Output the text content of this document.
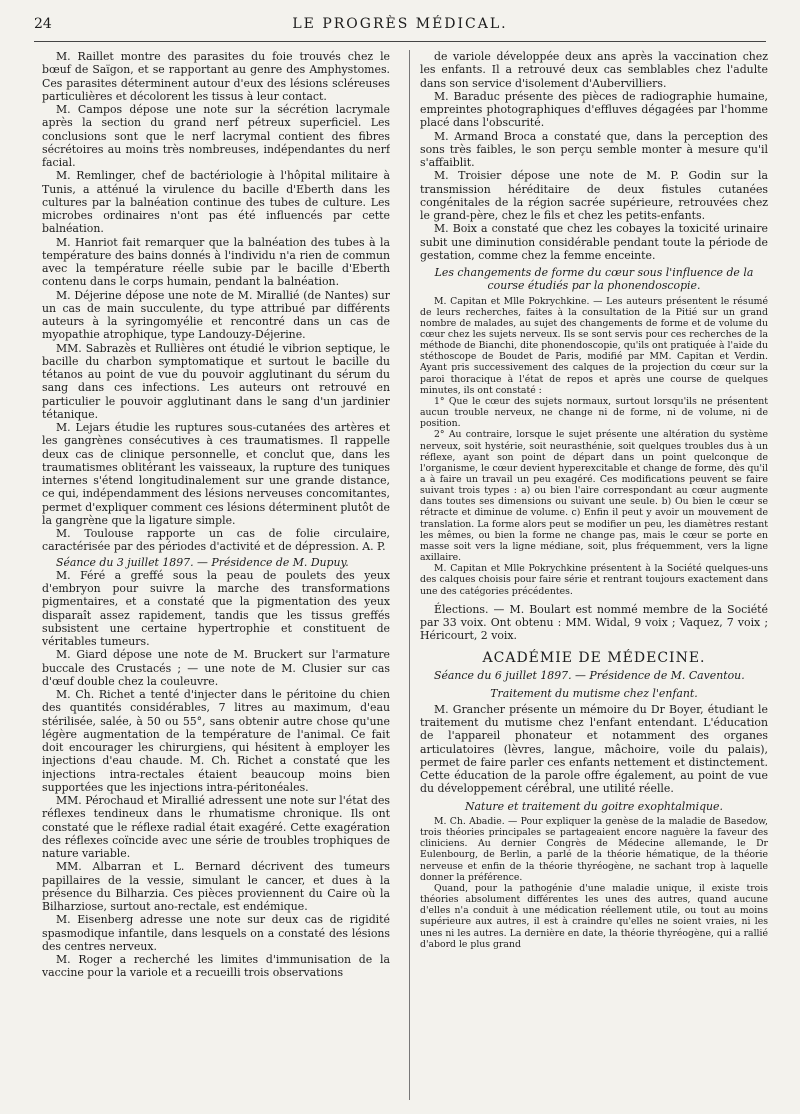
24	LE PROGRÈS MÉDICAL.

M. Raillet montre des parasites du foie trouvés chez le bœuf de Saïgon, et se rapportant au genre des Amphystomes. Ces parasites déterminent autour d'eux des lésions scléreuses particulières et décolorent les tissus à leur contact.

M. Campos dépose une note sur la sécrétion lacrymale après la section du grand nerf pétreux superficiel. Les conclusions sont que le nerf lacrymal contient des fibres sécrétoires au moins très nombreuses, indépendantes du nerf facial.

M. Remlinger, chef de bactériologie à l'hôpital militaire à Tunis, a atténué la virulence du bacille d'Eberth dans les cultures par la balnéation continue des tubes de culture. Les microbes ordinaires n'ont pas été influencés par cette balnéation.

M. Hanriot fait remarquer que la balnéation des tubes à la température des bains donnés à l'individu n'a rien de commun avec la température réelle subie par le bacille d'Eberth contenu dans le corps humain, pendant la balnéation.

M. Déjerine dépose une note de M. Mirallié (de Nantes) sur un cas de main succulente, du type attribué par différents auteurs à la syringomyélie et rencontré dans un cas de myopathie atrophique, type Landouzy-Déjerine.

MM. Sabrazès et Rullières ont étudié le vibrion septique, le bacille du charbon symptomatique et surtout le bacille du tétanos au point de vue du pouvoir agglutinant du sérum du sang dans ces infections. Les auteurs ont retrouvé en particulier le pouvoir agglutinant dans le sang d'un jardinier tétanique.

M. Lejars étudie les ruptures sous-cutanées des artères et les gangrènes consécutives à ces traumatismes. Il rappelle deux cas de clinique personnelle, et conclut que, dans les traumatismes oblitérant les vaisseaux, la rupture des tuniques internes s'étend longitudinalement sur une grande distance, ce qui, indépendamment des lésions nerveuses concomitantes, permet d'expliquer comment ces lésions déterminent plutôt de la gangrène que la ligature simple.

M. Toulouse rapporte un cas de folie circulaire, caractérisée par des périodes d'activité et de dépression. A. P.

Séance du 3 juillet 1897. — Présidence de M. Dupuy.

M. Féré a greffé sous la peau de poulets des yeux d'embryon pour suivre la marche des transformations pigmentaires, et a constaté que la pigmentation des yeux disparaît assez rapidement, tandis que les tissus greffés subsistent une certaine hypertrophie et constituent de véritables tumeurs.

M. Giard dépose une note de M. Bruckert sur l'armature buccale des Crustacés ; — une note de M. Clusier sur cas d'œuf double chez la couleuvre.

M. Ch. Richet a tenté d'injecter dans le péritoine du chien des quantités considérables, 7 litres au maximum, d'eau stérilisée, salée, à 50 ou 55°, sans obtenir autre chose qu'une légère augmentation de la température de l'animal. Ce fait doit encourager les chirurgiens, qui hésitent à employer les injections d'eau chaude. M. Ch. Richet a constaté que les injections intra-rectales étaient beaucoup moins bien supportées que les injections intra-péritonéales.

MM. Pérochaud et Mirallié adressent une note sur l'état des réflexes tendineux dans le rhumatisme chronique. Ils ont constaté que le réflexe radial était exagéré. Cette exagération des réflexes coïncide avec une série de troubles trophiques de nature variable.

MM. Albarran et L. Bernard décrivent des tumeurs papillaires de la vessie, simulant le cancer, et dues à la présence du Bilharzia. Ces pièces proviennent du Caire où la Bilharziose, surtout ano-rectale, est endémique.

M. Eisenberg adresse une note sur deux cas de rigidité spasmodique infantile, dans lesquels on a constaté des lésions des centres nerveux.

M. Roger a recherché les limites d'immunisation de la vaccine pour la variole et a recueilli trois observations

de variole développée deux ans après la vaccination chez les enfants. Il a retrouvé deux cas semblables chez l'adulte dans son service d'isolement d'Aubervilliers.

M. Baraduc présente des pièces de radiographie humaine, empreintes photographiques d'effluves dégagées par l'homme placé dans l'obscurité.

M. Armand Broca a constaté que, dans la perception des sons très faibles, le son perçu semble monter à mesure qu'il s'affaiblit.

M. Troisier dépose une note de M. P. Godin sur la transmission héréditaire de deux fistules cutanées congénitales de la région sacrée supérieure, retrouvées chez le grand-père, chez le fils et chez les petits-enfants.

M. Boix a constaté que chez les cobayes la toxicité urinaire subit une diminution considérable pendant toute la période de gestation, comme chez la femme enceinte.

Les changements de forme du cœur sous l'influence de la course étudiés par la phonendoscopie.

M. Capitan et Mlle Pokrychkine. — Les auteurs présentent le résumé de leurs recherches, faites à la consultation de la Pitié sur un grand nombre de malades, au sujet des changements de forme et de volume du cœur chez les sujets nerveux. Ils se sont servis pour ces recherches de la méthode de Bianchi, dite phonendoscopie, qu'ils ont pratiquée à l'aide du stéthoscope de Boudet de Paris, modifié par MM. Capitan et Verdin. Ayant pris successivement des calques de la projection du cœur sur la paroi thoracique à l'état de repos et après une course de quelques minutes, ils ont constaté :

1° Que le cœur des sujets normaux, surtout lorsqu'ils ne présentent aucun trouble nerveux, ne change ni de forme, ni de volume, ni de position.

2° Au contraire, lorsque le sujet présente une altération du système nerveux, soit hystérie, soit neurasthénie, soit quelques troubles dus à un réflexe, ayant son point de départ dans un point quelconque de l'organisme, le cœur devient hyperexcitable et change de forme, dès qu'il a à faire un travail un peu exagéré. Ces modifications peuvent se faire suivant trois types : a) ou bien l'aire correspondant au cœur augmente dans toutes ses dimensions ou suivant une seule. b) Ou bien le cœur se rétracte et diminue de volume. c) Enfin il peut y avoir un mouvement de translation. La forme alors peut se modifier un peu, les diamètres restant les mêmes, ou bien la forme ne change pas, mais le cœur se porte en masse soit vers la ligne médiane, soit, plus fréquemment, vers la ligne axillaire.

M. Capitan et Mlle Pokrychkine présentent à la Société quelques-uns des calques choisis pour faire série et rentrant toujours exactement dans une des catégories précédentes.

Élections. — M. Boulart est nommé membre de la Société par 33 voix. Ont obtenu : MM. Widal, 9 voix ; Vaquez, 7 voix ; Héricourt, 2 voix.

ACADÉMIE DE MÉDECINE.

Séance du 6 juillet 1897. — Présidence de M. Caventou.

Traitement du mutisme chez l'enfant.

M. Grancher présente un mémoire du Dr Boyer, étudiant le traitement du mutisme chez l'enfant entendant. L'éducation de l'appareil phonateur et notamment des organes articulatoires (lèvres, langue, mâchoire, voile du palais), permet de faire parler ces enfants nettement et distinctement. Cette éducation de la parole offre également, au point de vue du développement cérébral, une utilité réelle.

Nature et traitement du goitre exophtalmique.

M. Ch. Abadie. — Pour expliquer la genèse de la maladie de Basedow, trois théories principales se partageaient encore naguère la faveur des cliniciens. Au dernier Congrès de Médecine allemande, le Dr Eulenbourg, de Berlin, a parlé de la théorie hématique, de la théorie nerveuse et enfin de la théorie thyréogène, ne sachant trop à laquelle donner la préférence.

Quand, pour la pathogénie d'une maladie unique, il existe trois théories absolument différentes les unes des autres, quand aucune d'elles n'a conduit à une médication réellement utile, ou tout au moins supérieure aux autres, il est à craindre qu'elles ne soient vraies, ni les unes ni les autres. La dernière en date, la théorie thyréogène, qui a rallié d'abord le plus grand
